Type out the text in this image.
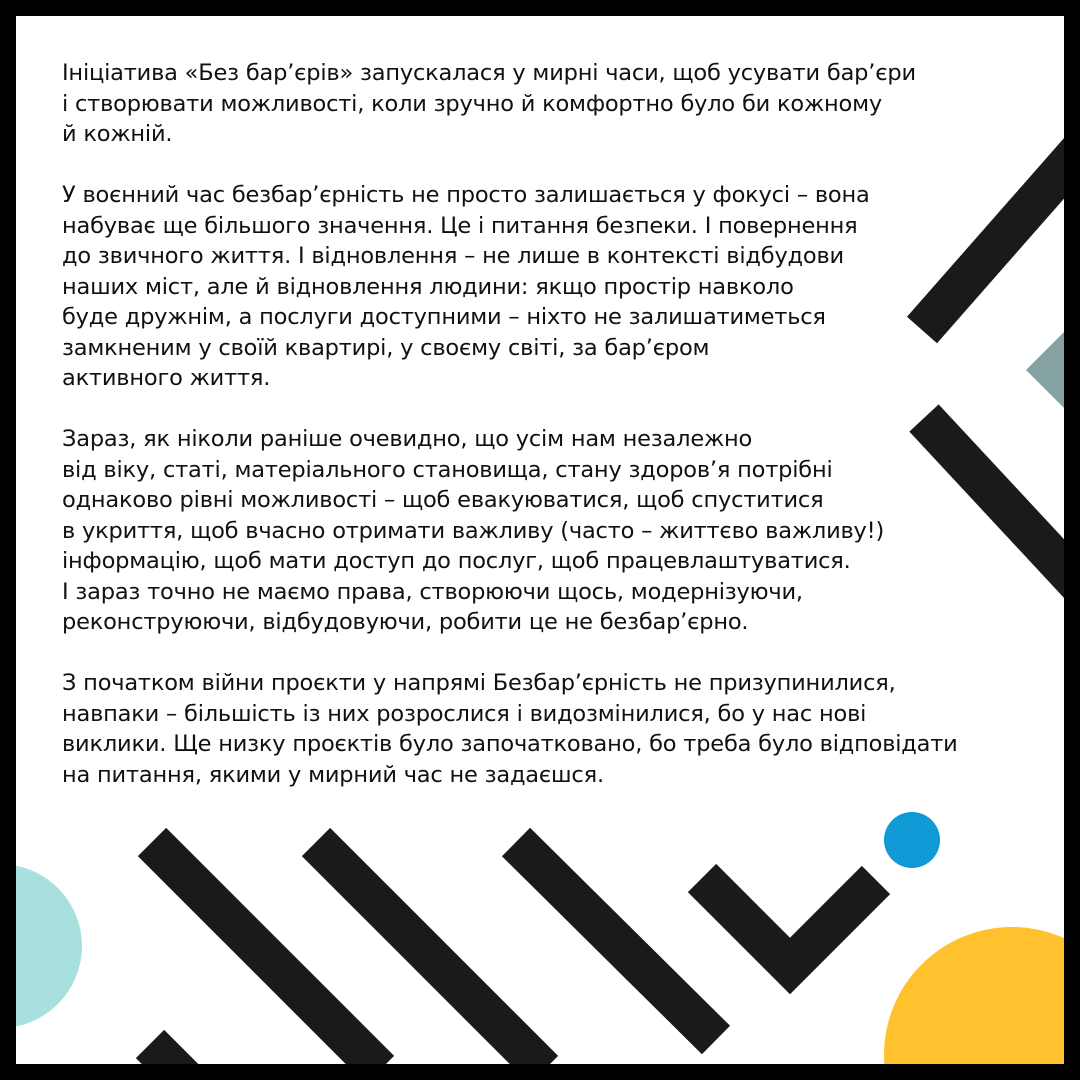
Ініціатива «Без бар’єрів» запускалася у мирні часи, щоб усувати бар’єри
і створювати можливості, коли зручно й комфортно було би кожному
й кожній.

У воєнний час безбар’єрність не просто залишається у фокусі – вона
набуває ще більшого значення. Це і питання безпеки. І повернення
до звичного життя. І відновлення – не лише в контексті відбудови
наших міст, але й відновлення людини: якщо простір навколо
буде дружнім, а послуги доступними – ніхто не залишатиметься
замкненим у своїй квартирі, у своєму світі, за бар’єром
активного життя.

Зараз, як ніколи раніше очевидно, що усім нам незалежно
від віку, статі, матеріального становища, стану здоров’я потрібні
однаково рівні можливості – щоб евакуюватися, щоб спуститися
в укриття, щоб вчасно отримати важливу (часто – життєво важливу!)
інформацію, щоб мати доступ до послуг, щоб працевлаштуватися.
І зараз точно не маємо права, створюючи щось, модернізуючи,
реконструюючи, відбудовуючи, робити це не безбар’єрно.

З початком війни проєкти у напрямі Безбар’єрність не призупинилися,
навпаки – більшість із них розрослися і видозмінилися, бо у нас нові
виклики. Ще низку проєктів було започатковано, бо треба було відповідати
на питання, якими у мирний час не задаєшся.
